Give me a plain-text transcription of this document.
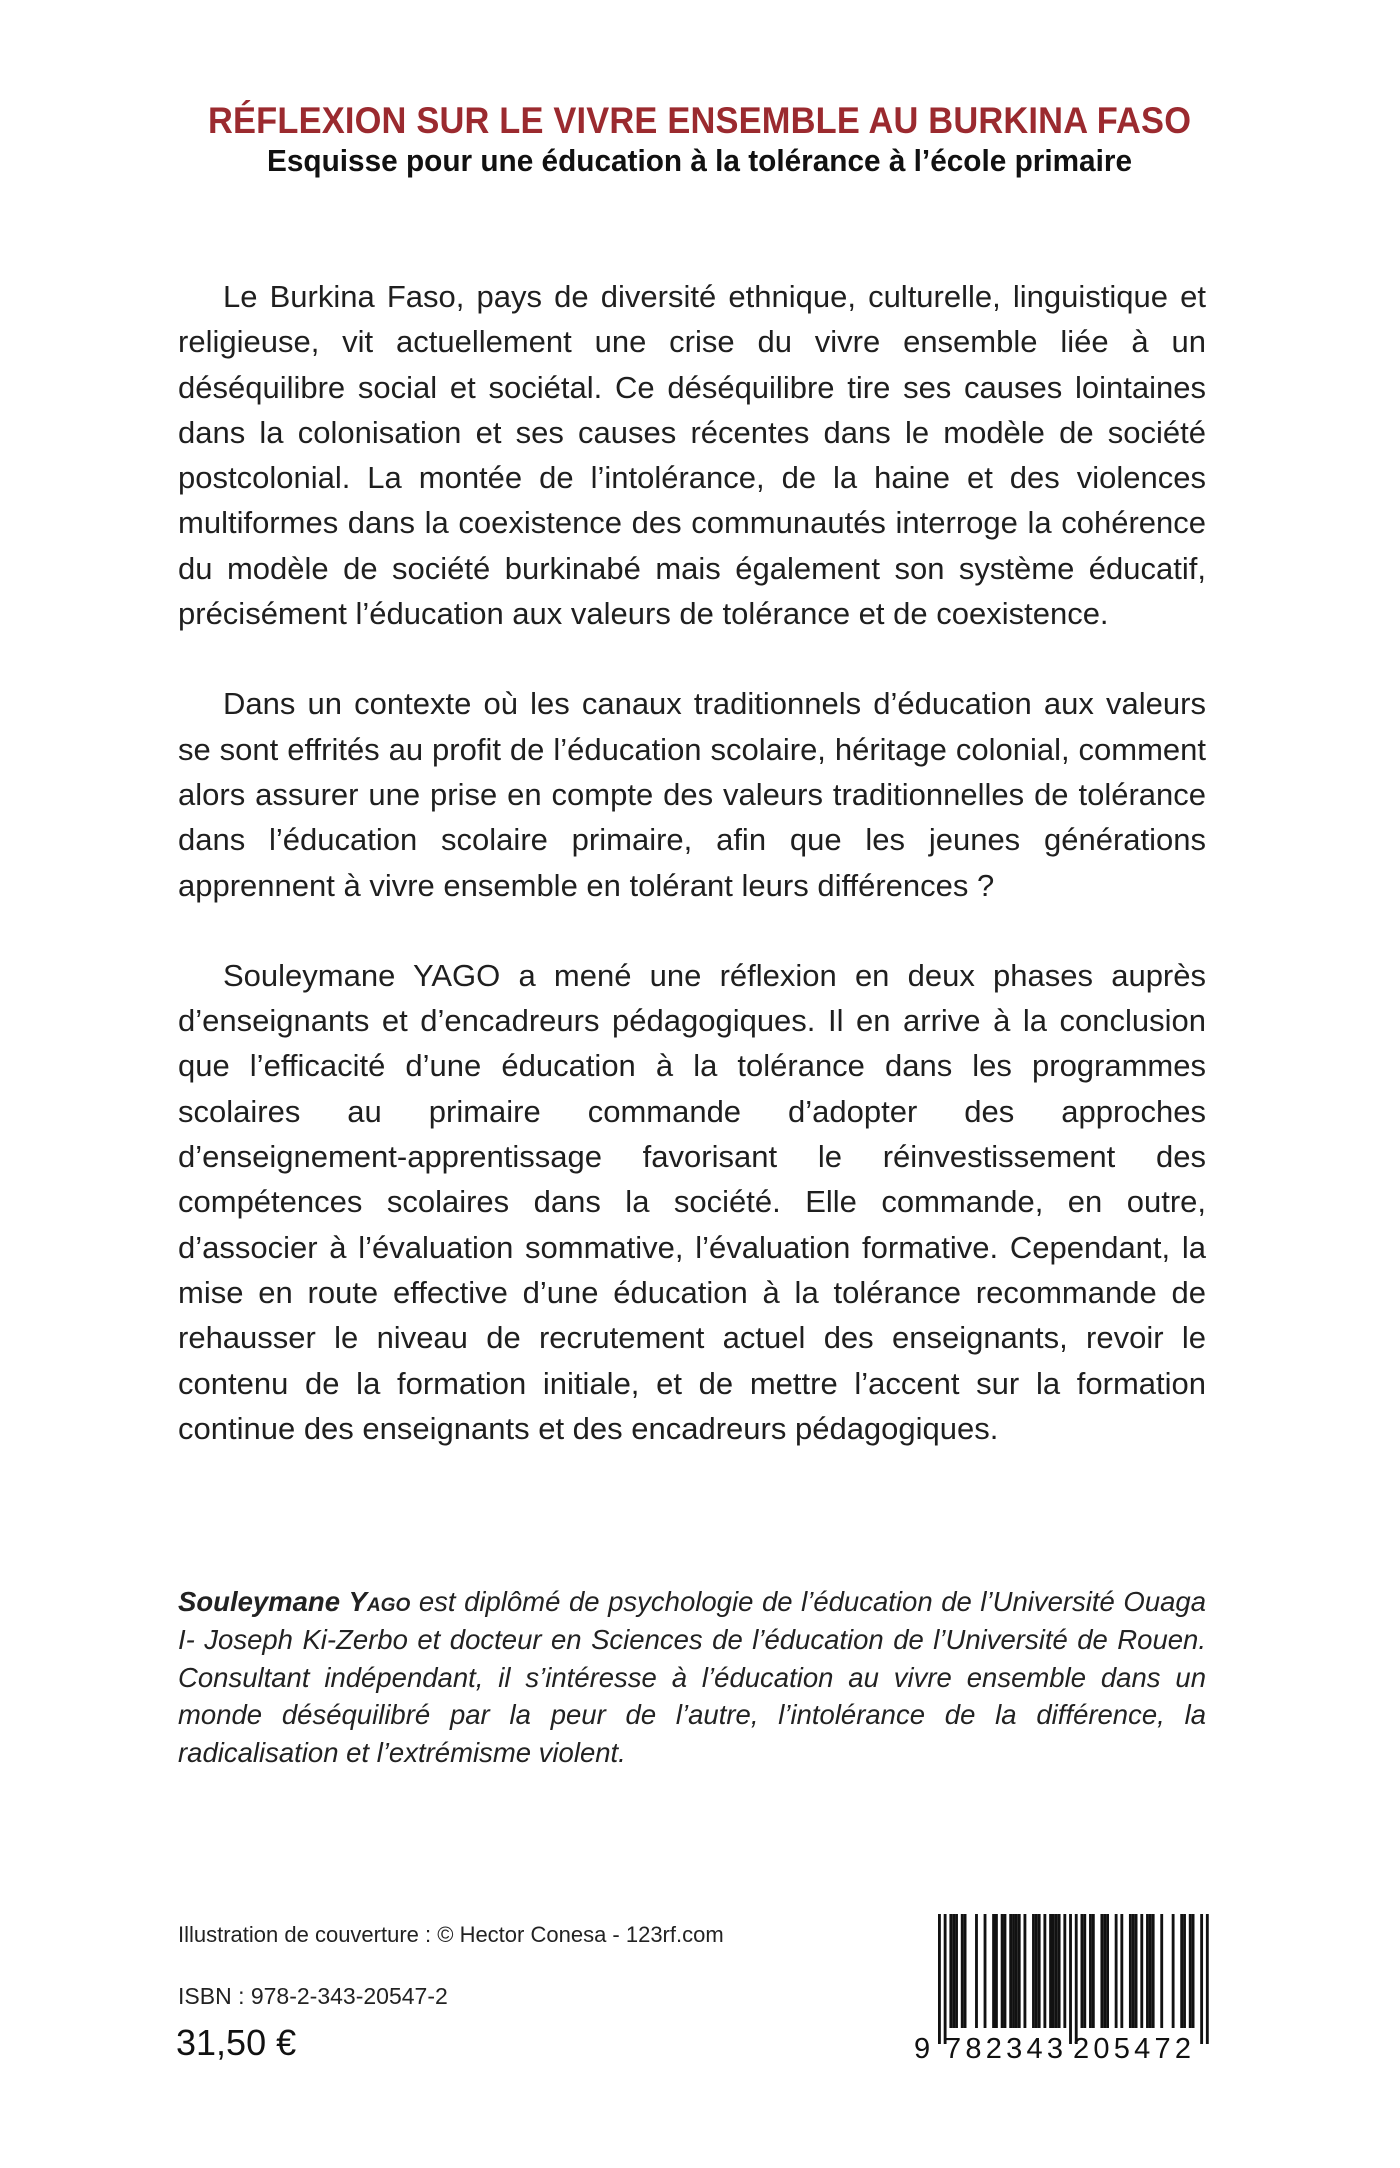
RÉFLEXION SUR LE VIVRE ENSEMBLE AU BURKINA FASO
Esquisse pour une éducation à la tolérance à l’école primaire

Le Burkina Faso, pays de diversité ethnique, culturelle, linguistique et religieuse, vit actuellement une crise du vivre ensemble liée à un déséquilibre social et sociétal. Ce déséquilibre tire ses causes lointaines dans la colonisation et ses causes récentes dans le modèle de société postcolonial. La montée de l’intolérance, de la haine et des violences multiformes dans la coexistence des communautés interroge la cohérence du modèle de société burkinabé mais également son système éducatif, précisément l’éducation aux valeurs de tolérance et de coexistence.

Dans un contexte où les canaux traditionnels d’éducation aux valeurs se sont effrités au profit de l’éducation scolaire, héritage colonial, comment alors assurer une prise en compte des valeurs traditionnelles de tolérance dans l’éducation scolaire primaire, afin que les jeunes générations apprennent à vivre ensemble en tolérant leurs différences ?

Souleymane YAGO a mené une réflexion en deux phases auprès d’enseignants et d’encadreurs pédagogiques. Il en arrive à la conclusion que l’efficacité d’une éducation à la tolérance dans les programmes scolaires au primaire commande d’adopter des approches d’enseignement-apprentissage favorisant le réinvestissement des compétences scolaires dans la société. Elle commande, en outre, d’associer à l’évaluation sommative, l’évaluation formative. Cependant, la mise en route effective d’une éducation à la tolérance recommande de rehausser le niveau de recrutement actuel des enseignants, revoir le contenu de la formation initiale, et de mettre l’accent sur la formation continue des enseignants et des encadreurs pédagogiques.

Souleymane Yago est diplômé de psychologie de l’éducation de l’Université Ouaga I- Joseph Ki-Zerbo et docteur en Sciences de l’éducation de l’Université de Rouen. Consultant indépendant, il s’intéresse à l’éducation au vivre ensemble dans un monde déséquilibré par la peur de l’autre, l’intolérance de la différence, la radicalisation et l’extrémisme violent.

Illustration de couverture : © Hector Conesa - 123rf.com
ISBN : 978-2-343-20547-2
31,50 €	9 782343 205472
